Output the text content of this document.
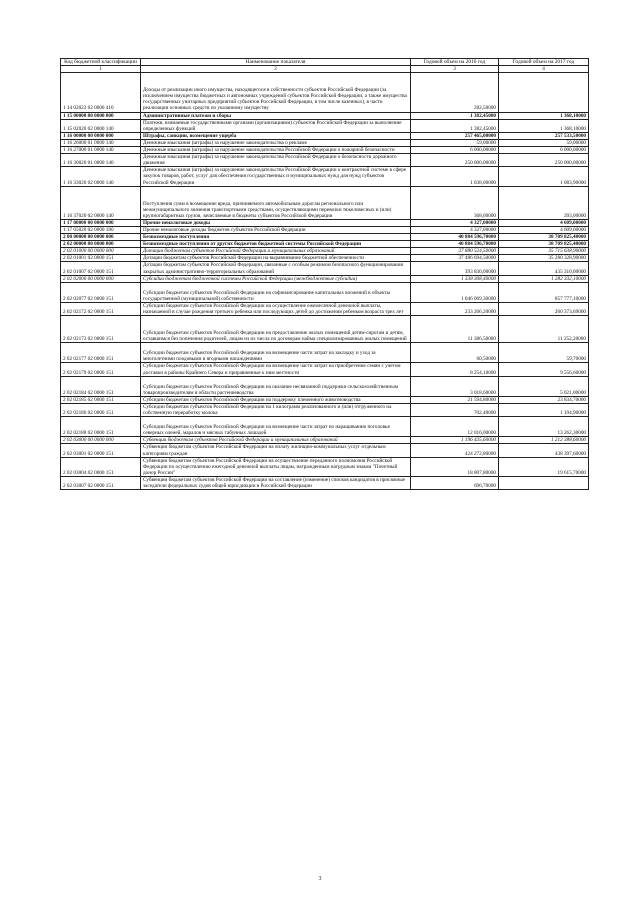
Код бюджетной классификации	Наименование показателя	Годовой объем на 2016 год	Годовой объем на 2017 год
1	2	3	4
1 14 02023 02 0000 410	Доходы от реализации иного имущества, находящегося в собственности субъектов Российской Федерации (за исключением имущества бюджетных и автономных учреждений субъектов Российской Федерации, а также имущества государственных унитарных предприятий субъектов Российской Федерации, в том числе казенных), в части реализации основных средств по указанному имуществу	282,50000	
1 15 00000 00 0000 000	Административные платежи и сборы	1 382,45000	1 368,10000
1 15 02020 02 0000 140	Платежи, взимаемые государственными органами (организациями) субъектов Российской Федерации за выполнение определенных функций	1 382,45000	1 368,10000
1 16 00000 00 0000 000	Штрафы, санкции, возмещение ущерба	257 465,00000	257 533,50000
1 16 26000 01 0000 140	Денежные взыскания (штрафы) за нарушение законодательства о рекламе	59,00000	59,00000
1 16 27000 01 0000 140	Денежные взыскания (штрафы) за нарушение законодательства Российской Федерации о пожарной безопасности	6 000,00000	6 000,00000
1 16 30020 01 0000 140	Денежные взыскания (штрафы) за нарушение законодательства Российской Федерации о безопасности дорожного движения	250 000,00000	250 000,00000
1 16 33020 02 0000 140	Денежные взыскания (штрафы) за нарушение законодательства Российской Федерации о контрактной системе в сфере закупок товаров, работ, услуг для обеспечения государственных и муниципальных нужд для нужд субъектов Российской Федерации	1 038,00000	1 083,90000
1 16 37020 02 0000 140	Поступления сумм в возмещение вреда, причиняемого автомобильным дорогам регионального или межмуниципального значения транспортными средствами, осуществляющими перевозки тяжеловесных и (или) крупногабаритных грузов, зачисляемые в бюджеты субъектов Российской Федерации	368,00000	393,00000
1 17 00000 00 0000 000	Прочие неналоговые доходы	4 327,00000	4 609,00000
1 17 05020 02 0000 180	Прочие неналоговые доходы бюджетов субъектов Российской Федерации	4 327,00000	4 609,00000
2 00 00000 00 0000 000	Безвозмездные поступления	40 884 596,70000	38 709 825,40000
2 02 00000 00 0000 000	Безвозмездные поступления от других бюджетов бюджетной системы Российской Федерации	40 884 596,70000	38 709 825,40000
2 02 01000 00 0000 000	Дотации бюджетам субъектов Российской Федерации и муниципальных образований	37 880 524,50000	35 715 638,90000
2 02 01001 02 0000 151	Дотации бюджетам субъектов Российской Федерации на выравнивание бюджетной обеспеченности	37 486 694,50000	35 280 328,90000
2 02 01007 02 0000 151	Дотации бюджетам субъектов Российской Федерации, связанные с особым режимом безопасного функционирования закрытых административно-территориальных образований	393 830,00000	435 310,00000
2 02 02000 00 0000 000	Субсидии бюджетам бюджетной системы Российской Федерации (межбюджетные субсидии)	1 338 308,40000	1 282 332,10000
2 02 02077 02 0000 151	Субсидии бюджетам субъектов Российской Федерации на софинансирование капитальных вложений в объекты государственной (муниципальной) собственности	1 046 069,30000	857 777,10000
2 02 02172 02 0000 151	Субсидии бюджетам субъектов Российской Федерации на осуществление ежемесячной денежной выплаты, назначаемой в случае рождения третьего ребенка или последующих детей до достижения ребенком возраста трех лет	233 206,20000	260 373,69000
2 02 02173 02 0000 151	Субсидии бюджетам субъектов Российской Федерации на предоставление жилых помещений детям-сиротам и детям, оставшимся без попечения родителей, лицам из их числа по договорам найма специализированных жилых помещений	11 386,50000	11 252,20000
2 02 02177 02 0000 151	Субсидии бюджетам субъектов Российской Федерации на возмещение части затрат на закладку и уход за многолетними плодовыми и ягодными насаждениями	60,50000	59,70000
2 02 02179 02 0000 151	Субсидии бюджетам субъектов Российской Федерации на возмещение части затрат на приобретение семян с учетом доставки в районы Крайнего Севера и приравненные к ним местности	8 254,10000	9 556,60000
2 02 02184 02 0000 151	Субсидии бюджетам субъектов Российской Федерации на оказание несвязанной поддержки сельскохозяйственным товаропроизводителям в области растениеводства	3 018,60000	5 021,00000
2 02 02185 02 0000 151	Субсидии бюджетам субъектов Российской Федерации на поддержку племенного животноводства	21 594,80000	23 834,70000
2 02 02186 02 0000 151	Субсидии бюджетам субъектов Российской Федерации на 1 килограмм реализованного и (или) отгруженного на собственную переработку молока	702,40000	1 194,90000
2 02 02188 02 0000 151	Субсидии бюджетам субъектов Российской Федерации на возмещение части затрат по наращиванию поголовья северных оленей, маралов и мясных табунных лошадей	12 016,00000	13 262,30000
2 02 03000 00 0000 000	Субвенции бюджетам субъектов Российской Федерации и муниципальных образований	1 196 435,60000	1 212 388,60000
2 02 03001 02 0000 151	Субвенции бюджетам субъектов Российской Федерации на оплату жилищно-коммунальных услуг отдельным категориям граждан	424 272,80000	438 397,60000
2 02 03004 02 0000 151	Субвенции бюджетам субъектов Российской Федерации на осуществление переданного полномочия Российской Федерации по осуществлению ежегодной денежной выплаты лицам, награжденным нагрудным знаком "Почетный донор России"	18 807,80000	19 615,70000
2 02 03007 02 0000 151	Субвенции бюджетам субъектов Российской Федерации на составление (изменение) списков кандидатов в присяжные заседатели федеральных судов общей юрисдикции в Российской Федерации	696,70000	
3
